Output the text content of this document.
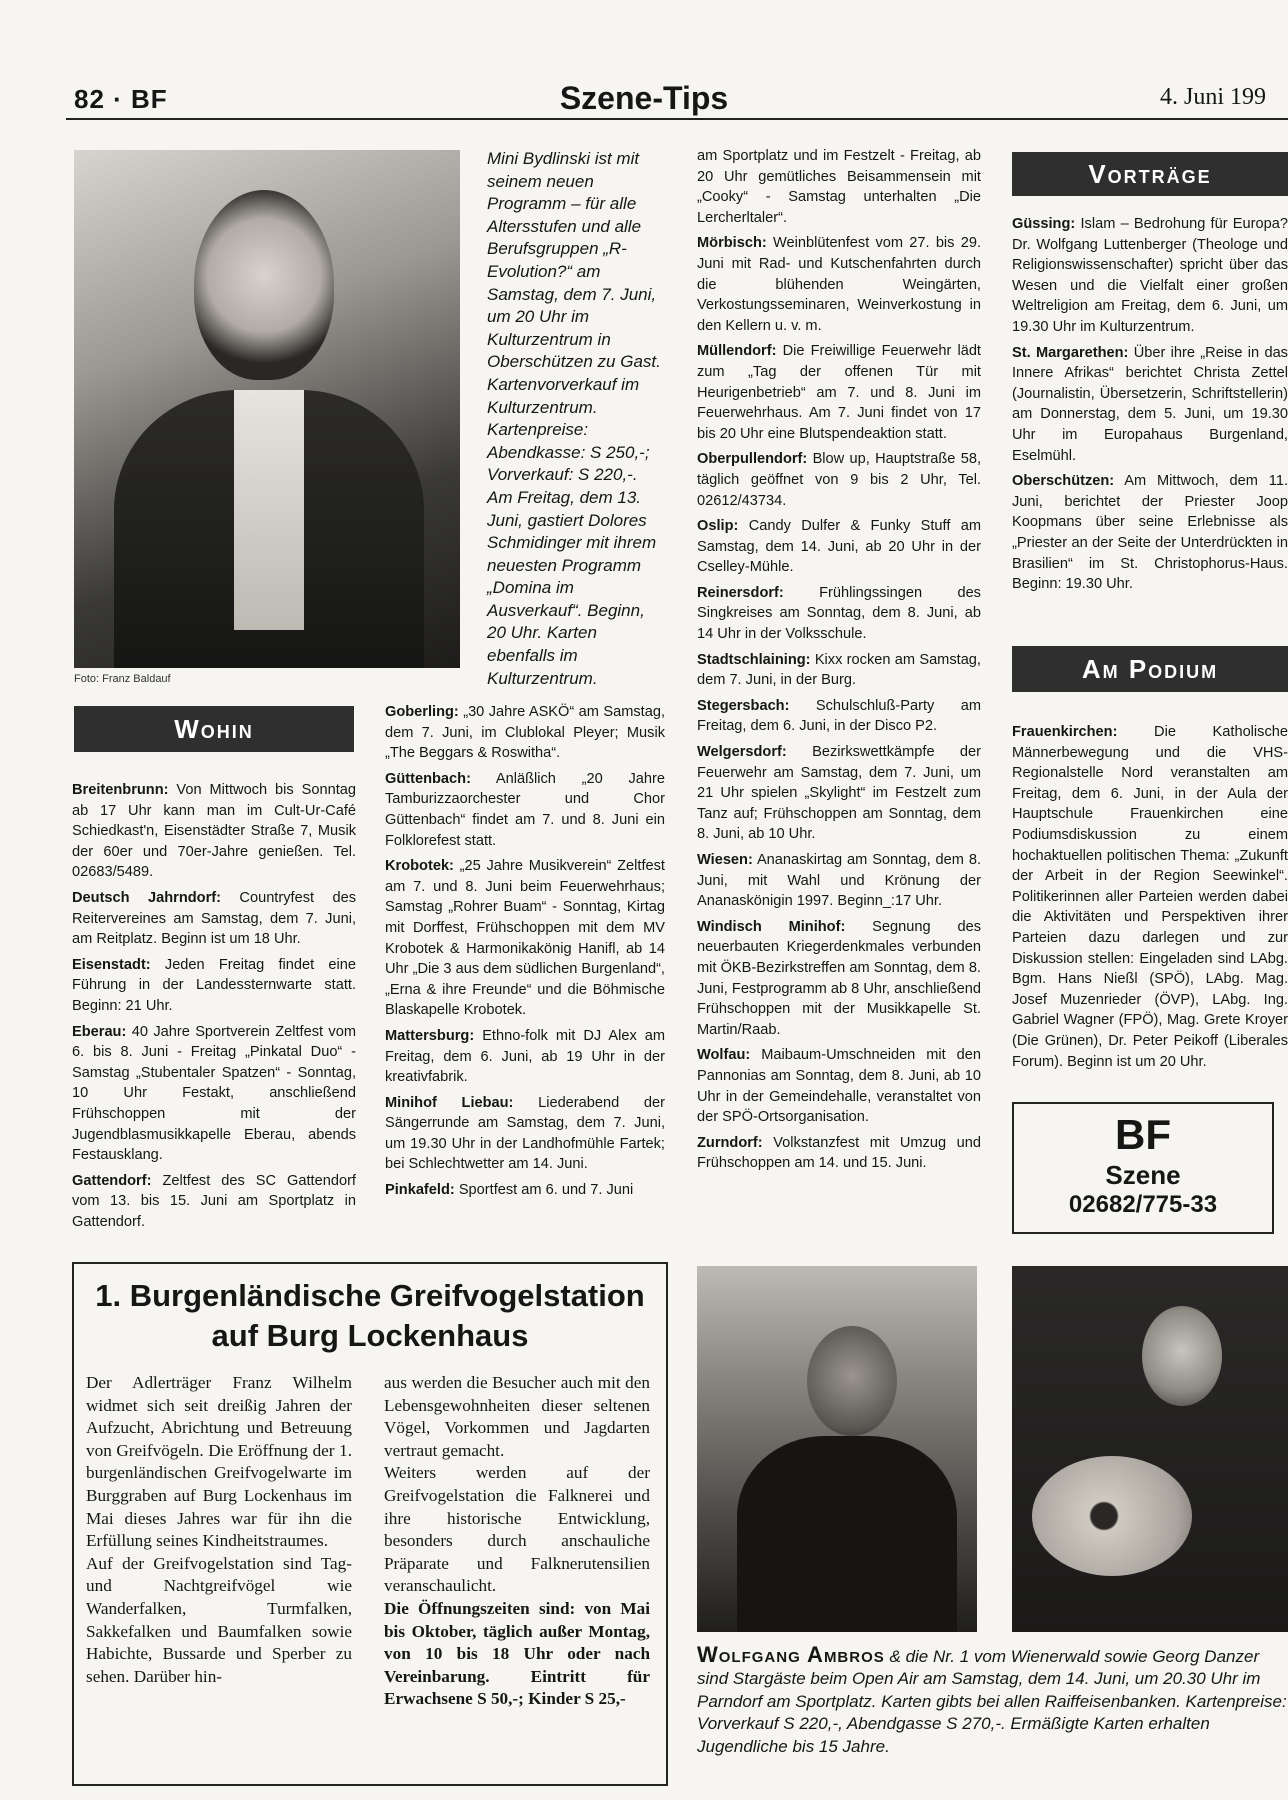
82 · BF	Szene-Tips	4. Juni 199
Foto: Franz Baldauf
Mini Bydlinski ist mit seinem neuen Programm – für alle Altersstufen und alle Berufsgruppen „R-Evolution?“ am Samstag, dem 7. Juni, um 20 Uhr im Kulturzentrum in Oberschützen zu Gast. Kartenvorverkauf im Kulturzentrum. Kartenpreise: Abendkasse: S 250,-; Vorverkauf: S 220,-. Am Freitag, dem 13. Juni, gastiert Dolores Schmidinger mit ihrem neuesten Programm „Domina im Ausverkauf“. Beginn, 20 Uhr. Karten ebenfalls im Kulturzentrum.
Wohin

Breitenbrunn: Von Mittwoch bis Sonntag ab 17 Uhr kann man im Cult-Ur-Café Schiedkast'n, Eisenstädter Straße 7, Musik der 60er und 70er-Jahre genießen. Tel. 02683/5489.

Deutsch Jahrndorf: Countryfest des Reitervereines am Samstag, dem 7. Juni, am Reitplatz. Beginn ist um 18 Uhr.

Eisenstadt: Jeden Freitag findet eine Führung in der Landessternwarte statt. Beginn: 21 Uhr.

Eberau: 40 Jahre Sportverein Zeltfest vom 6. bis 8. Juni - Freitag „Pinkatal Duo“ - Samstag „Stubentaler Spatzen“ - Sonntag, 10 Uhr Festakt, anschließend Frühschoppen mit der Jugendblasmusikkapelle Eberau, abends Festausklang.

Gattendorf: Zeltfest des SC Gattendorf vom 13. bis 15. Juni am Sportplatz in Gattendorf.

Goberling: „30 Jahre ASKÖ“ am Samstag, dem 7. Juni, im Clublokal Pleyer; Musik „The Beggars & Roswitha“.

Güttenbach: Anläßlich „20 Jahre Tamburizzaorchester und Chor Güttenbach“ findet am 7. und 8. Juni ein Folklorefest statt.

Krobotek: „25 Jahre Musikverein“ Zeltfest am 7. und 8. Juni beim Feuerwehrhaus; Samstag „Rohrer Buam“ - Sonntag, Kirtag mit Dorffest, Frühschoppen mit dem MV Krobotek & Harmonikakönig Hanifl, ab 14 Uhr „Die 3 aus dem südlichen Burgenland“, „Erna & ihre Freunde“ und die Böhmische Blaskapelle Krobotek.

Mattersburg: Ethno-folk mit DJ Alex am Freitag, dem 6. Juni, ab 19 Uhr in der kreativfabrik.

Minihof Liebau: Liederabend der Sängerrunde am Samstag, dem 7. Juni, um 19.30 Uhr in der Landhofmühle Fartek; bei Schlechtwetter am 14. Juni.

Pinkafeld: Sportfest am 6. und 7. Juni

am Sportplatz und im Festzelt - Freitag, ab 20 Uhr gemütliches Beisammensein mit „Cooky“ - Samstag unterhalten „Die Lercherltaler“.

Mörbisch: Weinblütenfest vom 27. bis 29. Juni mit Rad- und Kutschenfahrten durch die blühenden Weingärten, Verkostungsseminaren, Weinverkostung in den Kellern u. v. m.

Müllendorf: Die Freiwillige Feuerwehr lädt zum „Tag der offenen Tür mit Heurigenbetrieb“ am 7. und 8. Juni im Feuerwehrhaus. Am 7. Juni findet von 17 bis 20 Uhr eine Blutspendeaktion statt.

Oberpullendorf: Blow up, Hauptstraße 58, täglich geöffnet von 9 bis 2 Uhr, Tel. 02612/43734.

Oslip: Candy Dulfer & Funky Stuff am Samstag, dem 14. Juni, ab 20 Uhr in der Cselley-Mühle.

Reinersdorf: Frühlingssingen des Singkreises am Sonntag, dem 8. Juni, ab 14 Uhr in der Volksschule.

Stadtschlaining: Kixx rocken am Samstag, dem 7. Juni, in der Burg.

Stegersbach: Schulschluß-Party am Freitag, dem 6. Juni, in der Disco P2.

Welgersdorf: Bezirkswettkämpfe der Feuerwehr am Samstag, dem 7. Juni, um 21 Uhr spielen „Skylight“ im Festzelt zum Tanz auf; Frühschoppen am Sonntag, dem 8. Juni, ab 10 Uhr.

Wiesen: Ananaskirtag am Sonntag, dem 8. Juni, mit Wahl und Krönung der Ananaskönigin 1997. Beginn_:17 Uhr.

Windisch Minihof: Segnung des neuerbauten Kriegerdenkmales verbunden mit ÖKB-Bezirkstreffen am Sonntag, dem 8. Juni, Festprogramm ab 8 Uhr, anschließend Frühschoppen mit der Musikkapelle St. Martin/Raab.

Wolfau: Maibaum-Umschneiden mit den Pannonias am Sonntag, dem 8. Juni, ab 10 Uhr in der Gemeindehalle, veranstaltet von der SPÖ-Ortsorganisation.

Zurndorf: Volkstanzfest mit Umzug und Frühschoppen am 14. und 15. Juni.

Vorträge

Güssing: Islam – Bedrohung für Europa? Dr. Wolfgang Luttenberger (Theologe und Religionswissenschafter) spricht über das Wesen und die Vielfalt einer großen Weltreligion am Freitag, dem 6. Juni, um 19.30 Uhr im Kulturzentrum.

St. Margarethen: Über ihre „Reise in das Innere Afrikas“ berichtet Christa Zettel (Journalistin, Übersetzerin, Schriftstellerin) am Donnerstag, dem 5. Juni, um 19.30 Uhr im Europahaus Burgenland, Eselmühl.

Oberschützen: Am Mittwoch, dem 11. Juni, berichtet der Priester Joop Koopmans über seine Erlebnisse als „Priester an der Seite der Unterdrückten in Brasilien“ im St. Christophorus-Haus. Beginn: 19.30 Uhr.

Am Podium

Frauenkirchen:	Die Katholische Männerbewegung und die VHS-Regionalstelle Nord veranstalten am Freitag, dem 6. Juni, in der Aula der Hauptschule Frauenkirchen eine Podiumsdiskussion zu einem hochaktuellen politischen Thema: „Zukunft der Arbeit in der Region Seewinkel“. Politikerinnen aller Parteien werden dabei die Aktivitäten und Perspektiven ihrer Parteien dazu darlegen und zur Diskussion stellen: Eingeladen sind LAbg. Bgm. Hans Nießl (SPÖ), LAbg. Mag. Josef Muzenrieder (ÖVP), LAbg. Ing. Gabriel Wagner (FPÖ), Mag. Grete Kroyer (Die Grünen), Dr. Peter Peikoff (Liberales Forum). Beginn ist um 20 Uhr.

BF
Szene
02682/775-33
1. Burgenländische Greifvogelstation
auf Burg Lockenhaus

Der Adlerträger Franz Wilhelm widmet sich seit dreißig Jahren der Aufzucht, Abrichtung und Betreuung von Greifvögeln. Die Eröffnung der 1. burgenländischen Greifvogelwarte im Burggraben auf Burg Lockenhaus im Mai dieses Jahres war für ihn die Erfüllung seines Kindheitstraumes.

Auf der Greifvogelstation sind Tag- und Nachtgreifvögel wie Wanderfalken, Turmfalken, Sakkefalken und Baumfalken sowie Habichte, Bussarde und Sperber zu sehen. Darüber hin-

aus werden die Besucher auch mit den Lebensgewohnheiten dieser seltenen Vögel, Vorkommen und Jagdarten vertraut gemacht.

Weiters werden auf der Greifvogelstation die Falknerei und ihre historische Entwicklung, besonders durch anschauliche Präparate und Falknerutensilien veranschaulicht.

Die Öffnungszeiten sind: von Mai bis Oktober, täglich außer Montag, von 10 bis 18 Uhr oder nach Vereinbarung. Eintritt für Erwachsene S 50,-; Kinder S 25,-

Wolfgang Ambros & die Nr. 1 vom Wienerwald sowie Georg Danzer sind Stargäste beim Open Air am Samstag, dem 14. Juni, um 20.30 Uhr im Parndorf am Sportplatz. Karten gibts bei allen Raiffeisenbanken. Kartenpreise: Vorverkauf S 220,-, Abendgasse S 270,-. Ermäßigte Karten erhalten Jugendliche bis 15 Jahre.
